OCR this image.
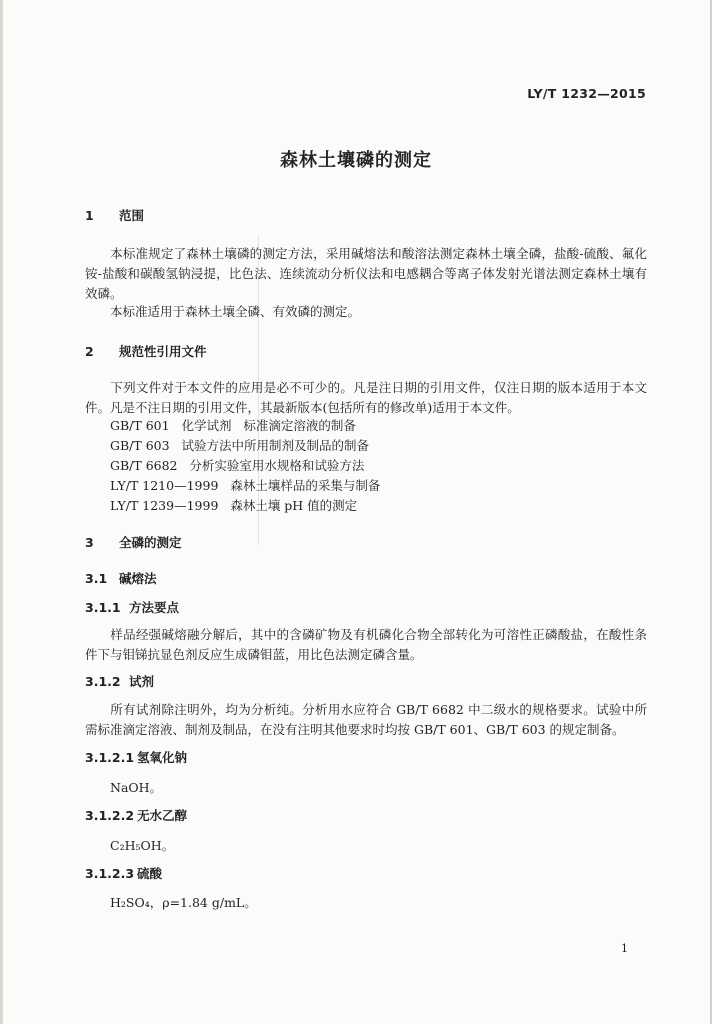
LY/T 1232—2015
森林土壤磷的测定
1 范围
本标准规定了森林土壤磷的测定方法，采用碱熔法和酸溶法测定森林土壤全磷，盐酸-硫酸、氟化铵-盐酸和碳酸氢钠浸提，比色法、连续流动分析仪法和电感耦合等离子体发射光谱法测定森林土壤有效磷。
本标准适用于森林土壤全磷、有效磷的测定。
2 规范性引用文件
下列文件对于本文件的应用是必不可少的。凡是注日期的引用文件，仅注日期的版本适用于本文件。凡是不注日期的引用文件，其最新版本(包括所有的修改单)适用于本文件。
GB/T 601   化学试剂   标准滴定溶液的制备
GB/T 603   试验方法中所用制剂及制品的制备
GB/T 6682   分析实验室用水规格和试验方法
LY/T 1210—1999   森林土壤样品的采集与制备
LY/T 1239—1999   森林土壤 pH 值的测定
3 全磷的测定
3.1 碱熔法
3.1.1 方法要点
样品经强碱熔融分解后，其中的含磷矿物及有机磷化合物全部转化为可溶性正磷酸盐，在酸性条件下与钼锑抗显色剂反应生成磷钼蓝，用比色法测定磷含量。
3.1.2 试剂
所有试剂除注明外，均为分析纯。分析用水应符合 GB/T 6682 中二级水的规格要求。试验中所需标准滴定溶液、制剂及制品，在没有注明其他要求时均按 GB/T 601、GB/T 603 的规定制备。
3.1.2.1 氢氧化钠
NaOH。
3.1.2.2 无水乙醇
C₂H₅OH。
3.1.2.3 硫酸
H₂SO₄，ρ=1.84 g/mL。
1
